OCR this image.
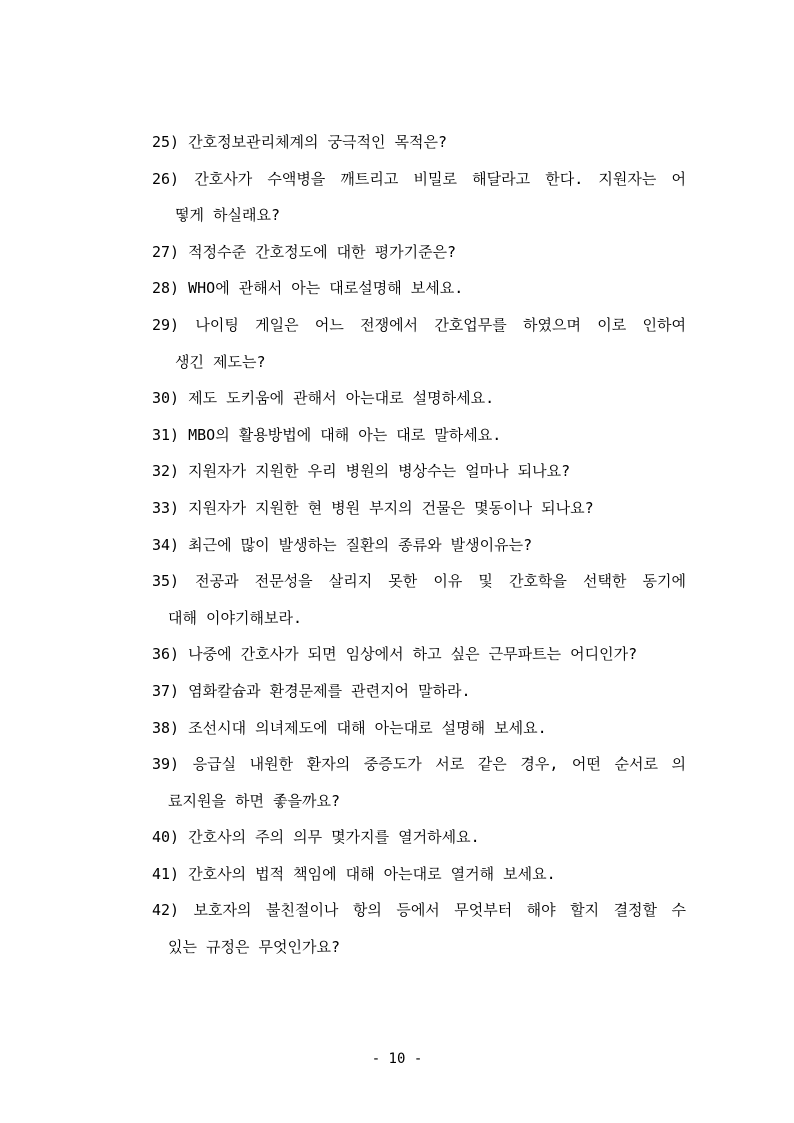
25) 간호정보관리체계의 궁극적인 목적은?
26) 간호사가 수액병을 깨트리고 비밀로 해달라고 한다. 지원자는 어
떻게 하실래요?
27) 적정수준 간호정도에 대한 평가기준은?
28) WHO에 관해서 아는 대로설명해 보세요.
29) 나이팅 게일은 어느 전쟁에서 간호업무를 하였으며 이로 인하여
생긴 제도는?
30) 제도 도키움에 관해서 아는대로 설명하세요.
31) MBO의 활용방법에 대해 아는 대로 말하세요.
32) 지원자가 지원한 우리 병원의 병상수는 얼마나 되나요?
33) 지원자가 지원한 현 병원 부지의 건물은 몇동이나 되나요?
34) 최근에 많이 발생하는 질환의 종류와 발생이유는?
35) 전공과 전문성을 살리지 못한 이유 및 간호학을 선택한 동기에
대해 이야기해보라.
36) 나중에 간호사가 되면 임상에서 하고 싶은 근무파트는 어디인가?
37) 염화칼슘과 환경문제를 관련지어 말하라.
38) 조선시대 의녀제도에 대해 아는대로 설명해 보세요.
39) 응급실 내원한 환자의 중증도가 서로 같은 경우, 어떤 순서로 의
료지원을 하면 좋을까요?
40) 간호사의 주의 의무 몇가지를 열거하세요.
41) 간호사의 법적 책임에 대해 아는대로 열거해 보세요.
42) 보호자의 불친절이나 항의 등에서 무엇부터 해야 할지 결정할 수
있는 규정은 무엇인가요?
- 10 -
